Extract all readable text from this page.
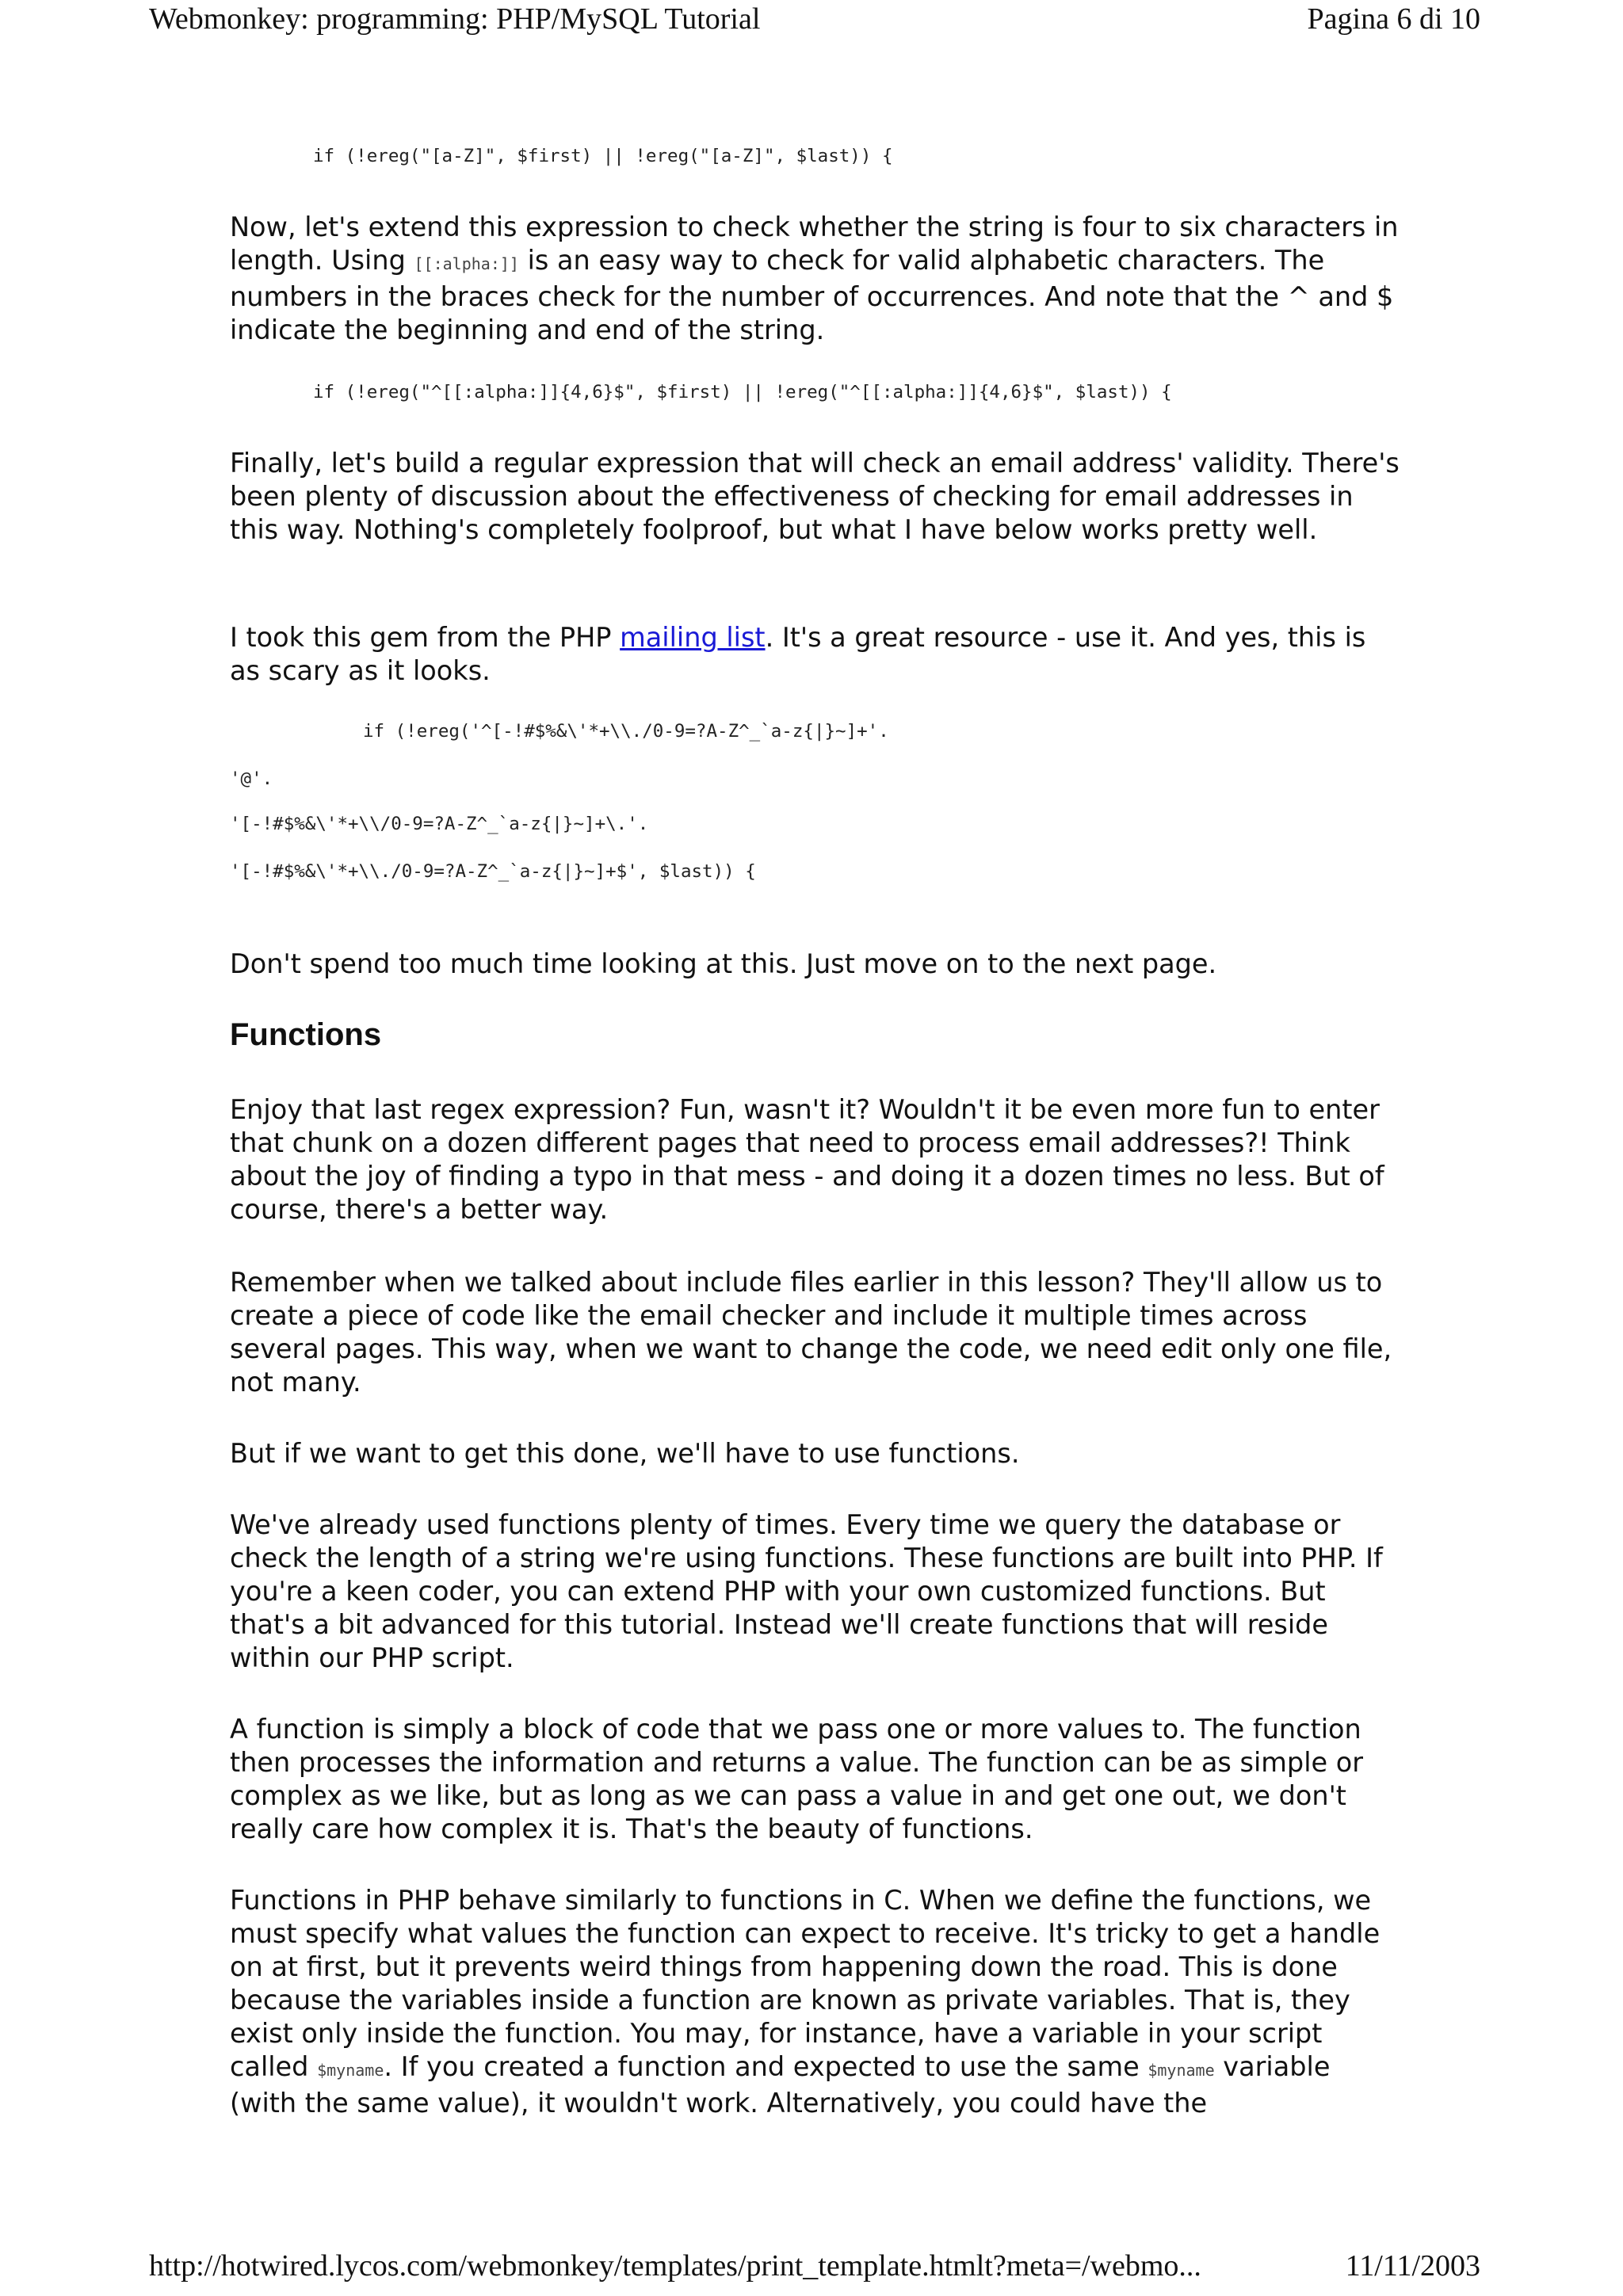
Webmonkey: programming: PHP/MySQL Tutorial	Pagina 6 di 10
if (!ereg("[a-Z]", $first) || !ereg("[a-Z]", $last)) {

Now, let's extend this expression to check whether the string is four to six characters in length. Using [[:alpha:]] is an easy way to check for valid alphabetic characters. The numbers in the braces check for the number of occurrences. And note that the ^ and $ indicate the beginning and end of the string.

if (!ereg("^[[:alpha:]]{4,6}$", $first) || !ereg("^[[:alpha:]]{4,6}$", $last)) {

Finally, let's build a regular expression that will check an email address' validity. There's been plenty of discussion about the effectiveness of checking for email addresses in this way. Nothing's completely foolproof, but what I have below works pretty well.

I took this gem from the PHP mailing list. It's a great resource - use it. And yes, this is as scary as it looks.

if (!ereg('^[-!#$%&\'*+\\./0-9=?A-Z^_`a-z{|}~]+'.
'@'.
'[-!#$%&\'*+\\/0-9=?A-Z^_`a-z{|}~]+\.'.
'[-!#$%&\'*+\\./0-9=?A-Z^_`a-z{|}~]+$', $last)) {

Don't spend too much time looking at this. Just move on to the next page.

Functions

Enjoy that last regex expression? Fun, wasn't it? Wouldn't it be even more fun to enter that chunk on a dozen different pages that need to process email addresses?! Think about the joy of finding a typo in that mess - and doing it a dozen times no less. But of course, there's a better way.

Remember when we talked about include files earlier in this lesson? They'll allow us to create a piece of code like the email checker and include it multiple times across several pages. This way, when we want to change the code, we need edit only one file, not many.

But if we want to get this done, we'll have to use functions.

We've already used functions plenty of times. Every time we query the database or check the length of a string we're using functions. These functions are built into PHP. If you're a keen coder, you can extend PHP with your own customized functions. But that's a bit advanced for this tutorial. Instead we'll create functions that will reside within our PHP script.

A function is simply a block of code that we pass one or more values to. The function then processes the information and returns a value. The function can be as simple or complex as we like, but as long as we can pass a value in and get one out, we don't really care how complex it is. That's the beauty of functions.

Functions in PHP behave similarly to functions in C. When we define the functions, we must specify what values the function can expect to receive. It's tricky to get a handle on at first, but it prevents weird things from happening down the road. This is done because the variables inside a function are known as private variables. That is, they exist only inside the function. You may, for instance, have a variable in your script called $myname. If you created a function and expected to use the same $myname variable (with the same value), it wouldn't work. Alternatively, you could have the

http://hotwired.lycos.com/webmonkey/templates/print_template.htmlt?meta=/webmo...	11/11/2003
